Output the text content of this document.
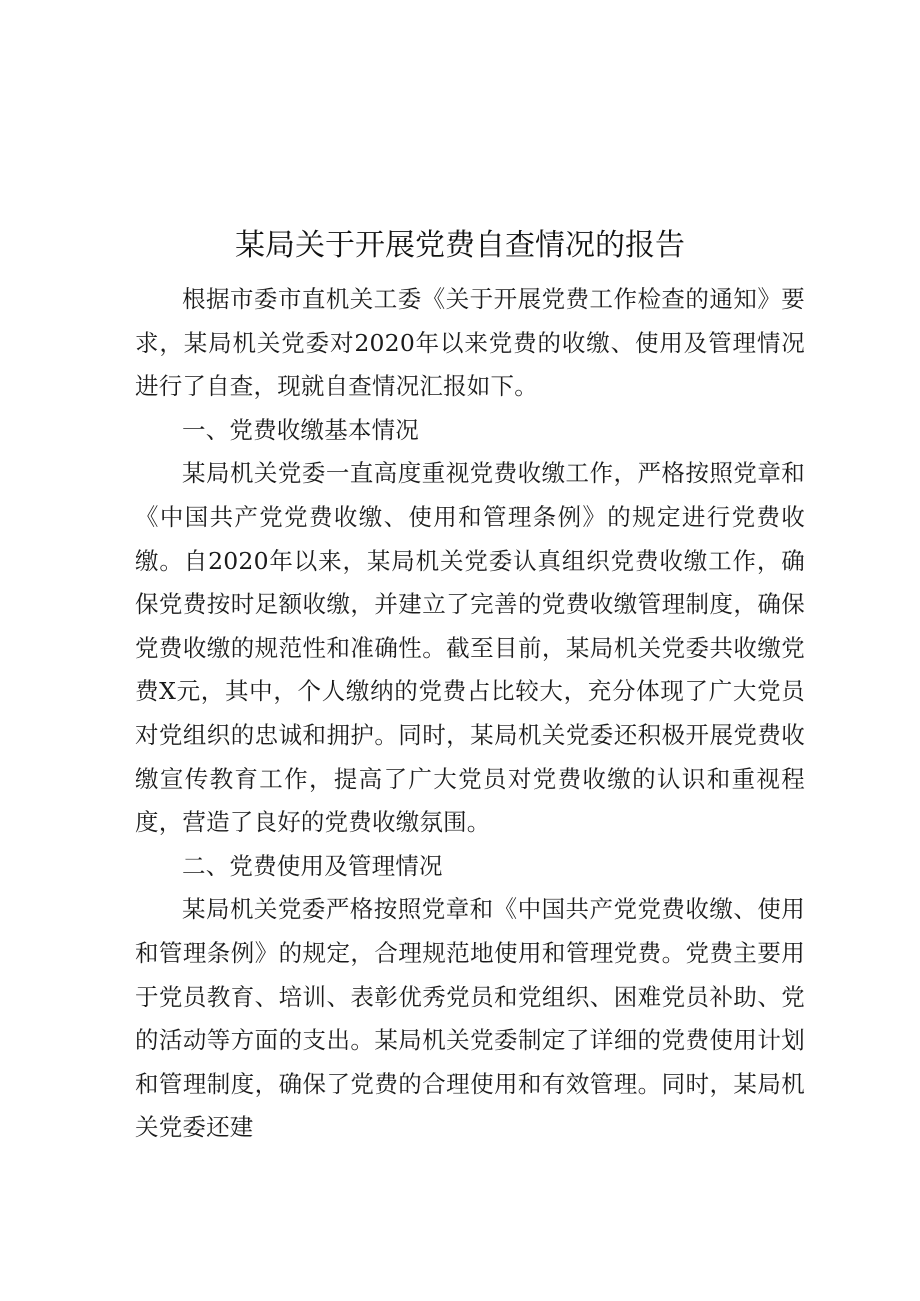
某局关于开展党费自查情况的报告

根据市委市直机关工委《关于开展党费工作检查的通知》要求，某局机关党委对2020年以来党费的收缴、使用及管理情况进行了自查，现就自查情况汇报如下。

一、党费收缴基本情况

某局机关党委一直高度重视党费收缴工作，严格按照党章和《中国共产党党费收缴、使用和管理条例》的规定进行党费收缴。自2020年以来，某局机关党委认真组织党费收缴工作，确保党费按时足额收缴，并建立了完善的党费收缴管理制度，确保党费收缴的规范性和准确性。截至目前，某局机关党委共收缴党费X元，其中，个人缴纳的党费占比较大，充分体现了广大党员对党组织的忠诚和拥护。同时，某局机关党委还积极开展党费收缴宣传教育工作，提高了广大党员对党费收缴的认识和重视程度，营造了良好的党费收缴氛围。

二、党费使用及管理情况

某局机关党委严格按照党章和《中国共产党党费收缴、使用和管理条例》的规定，合理规范地使用和管理党费。党费主要用于党员教育、培训、表彰优秀党员和党组织、困难党员补助、党的活动等方面的支出。某局机关党委制定了详细的党费使用计划和管理制度，确保了党费的合理使用和有效管理。同时，某局机关党委还建
